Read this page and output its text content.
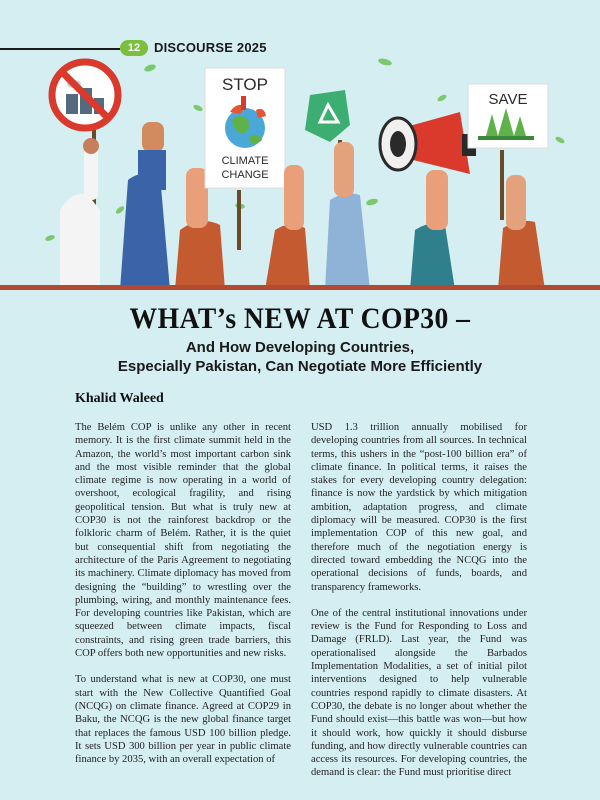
12	DISCOURSE 2025
STOP
CLIMATE
CHANGE
SAVE
WHAT’s NEW AT COP30 –
And How Developing Countries,
Especially Pakistan, Can Negotiate More Efficiently
Khalid Waleed

The Belém COP is unlike any other in recent memory. It is the first climate summit held in the Amazon, the world’s most important carbon sink and the most visible reminder that the global climate regime is now operating in a world of overshoot, ecological fragility, and rising geopolitical tension. But what is truly new at COP30 is not the rainforest backdrop or the folkloric charm of Belém. Rather, it is the quiet but consequential shift from negotiating the architecture of the Paris Agreement to negotiating its machinery. Climate diplomacy has moved from designing the “building” to wrestling over the plumbing, wiring, and monthly maintenance fees. For developing countries like Pakistan, which are squeezed between climate impacts, fiscal constraints, and rising green trade barriers, this COP offers both new opportunities and new risks.

To understand what is new at COP30, one must start with the New Collective Quantified Goal (NCQG) on climate finance. Agreed at COP29 in Baku, the NCQG is the new global finance target that replaces the famous USD 100 billion pledge. It sets USD 300 billion per year in public climate finance by 2035, with an overall expectation of

USD 1.3 trillion annually mobilised for developing countries from all sources. In technical terms, this ushers in the “post-100 billion era” of climate finance. In political terms, it raises the stakes for every developing country delegation: finance is now the yardstick by which mitigation ambition, adaptation progress, and climate diplomacy will be measured. COP30 is the first implementation COP of this new goal, and therefore much of the negotiation energy is directed toward embedding the NCQG into the operational decisions of funds, boards, and transparency frameworks.

One of the central institutional innovations under review is the Fund for Responding to Loss and Damage (FRLD). Last year, the Fund was operationalised alongside the Barbados Implementation Modalities, a set of initial pilot interventions designed to help vulnerable countries respond rapidly to climate disasters. At COP30, the debate is no longer about whether the Fund should exist—this battle was won—but how it should work, how quickly it should disburse funding, and how directly vulnerable countries can access its resources. For developing countries, the demand is clear: the Fund must prioritise direct
